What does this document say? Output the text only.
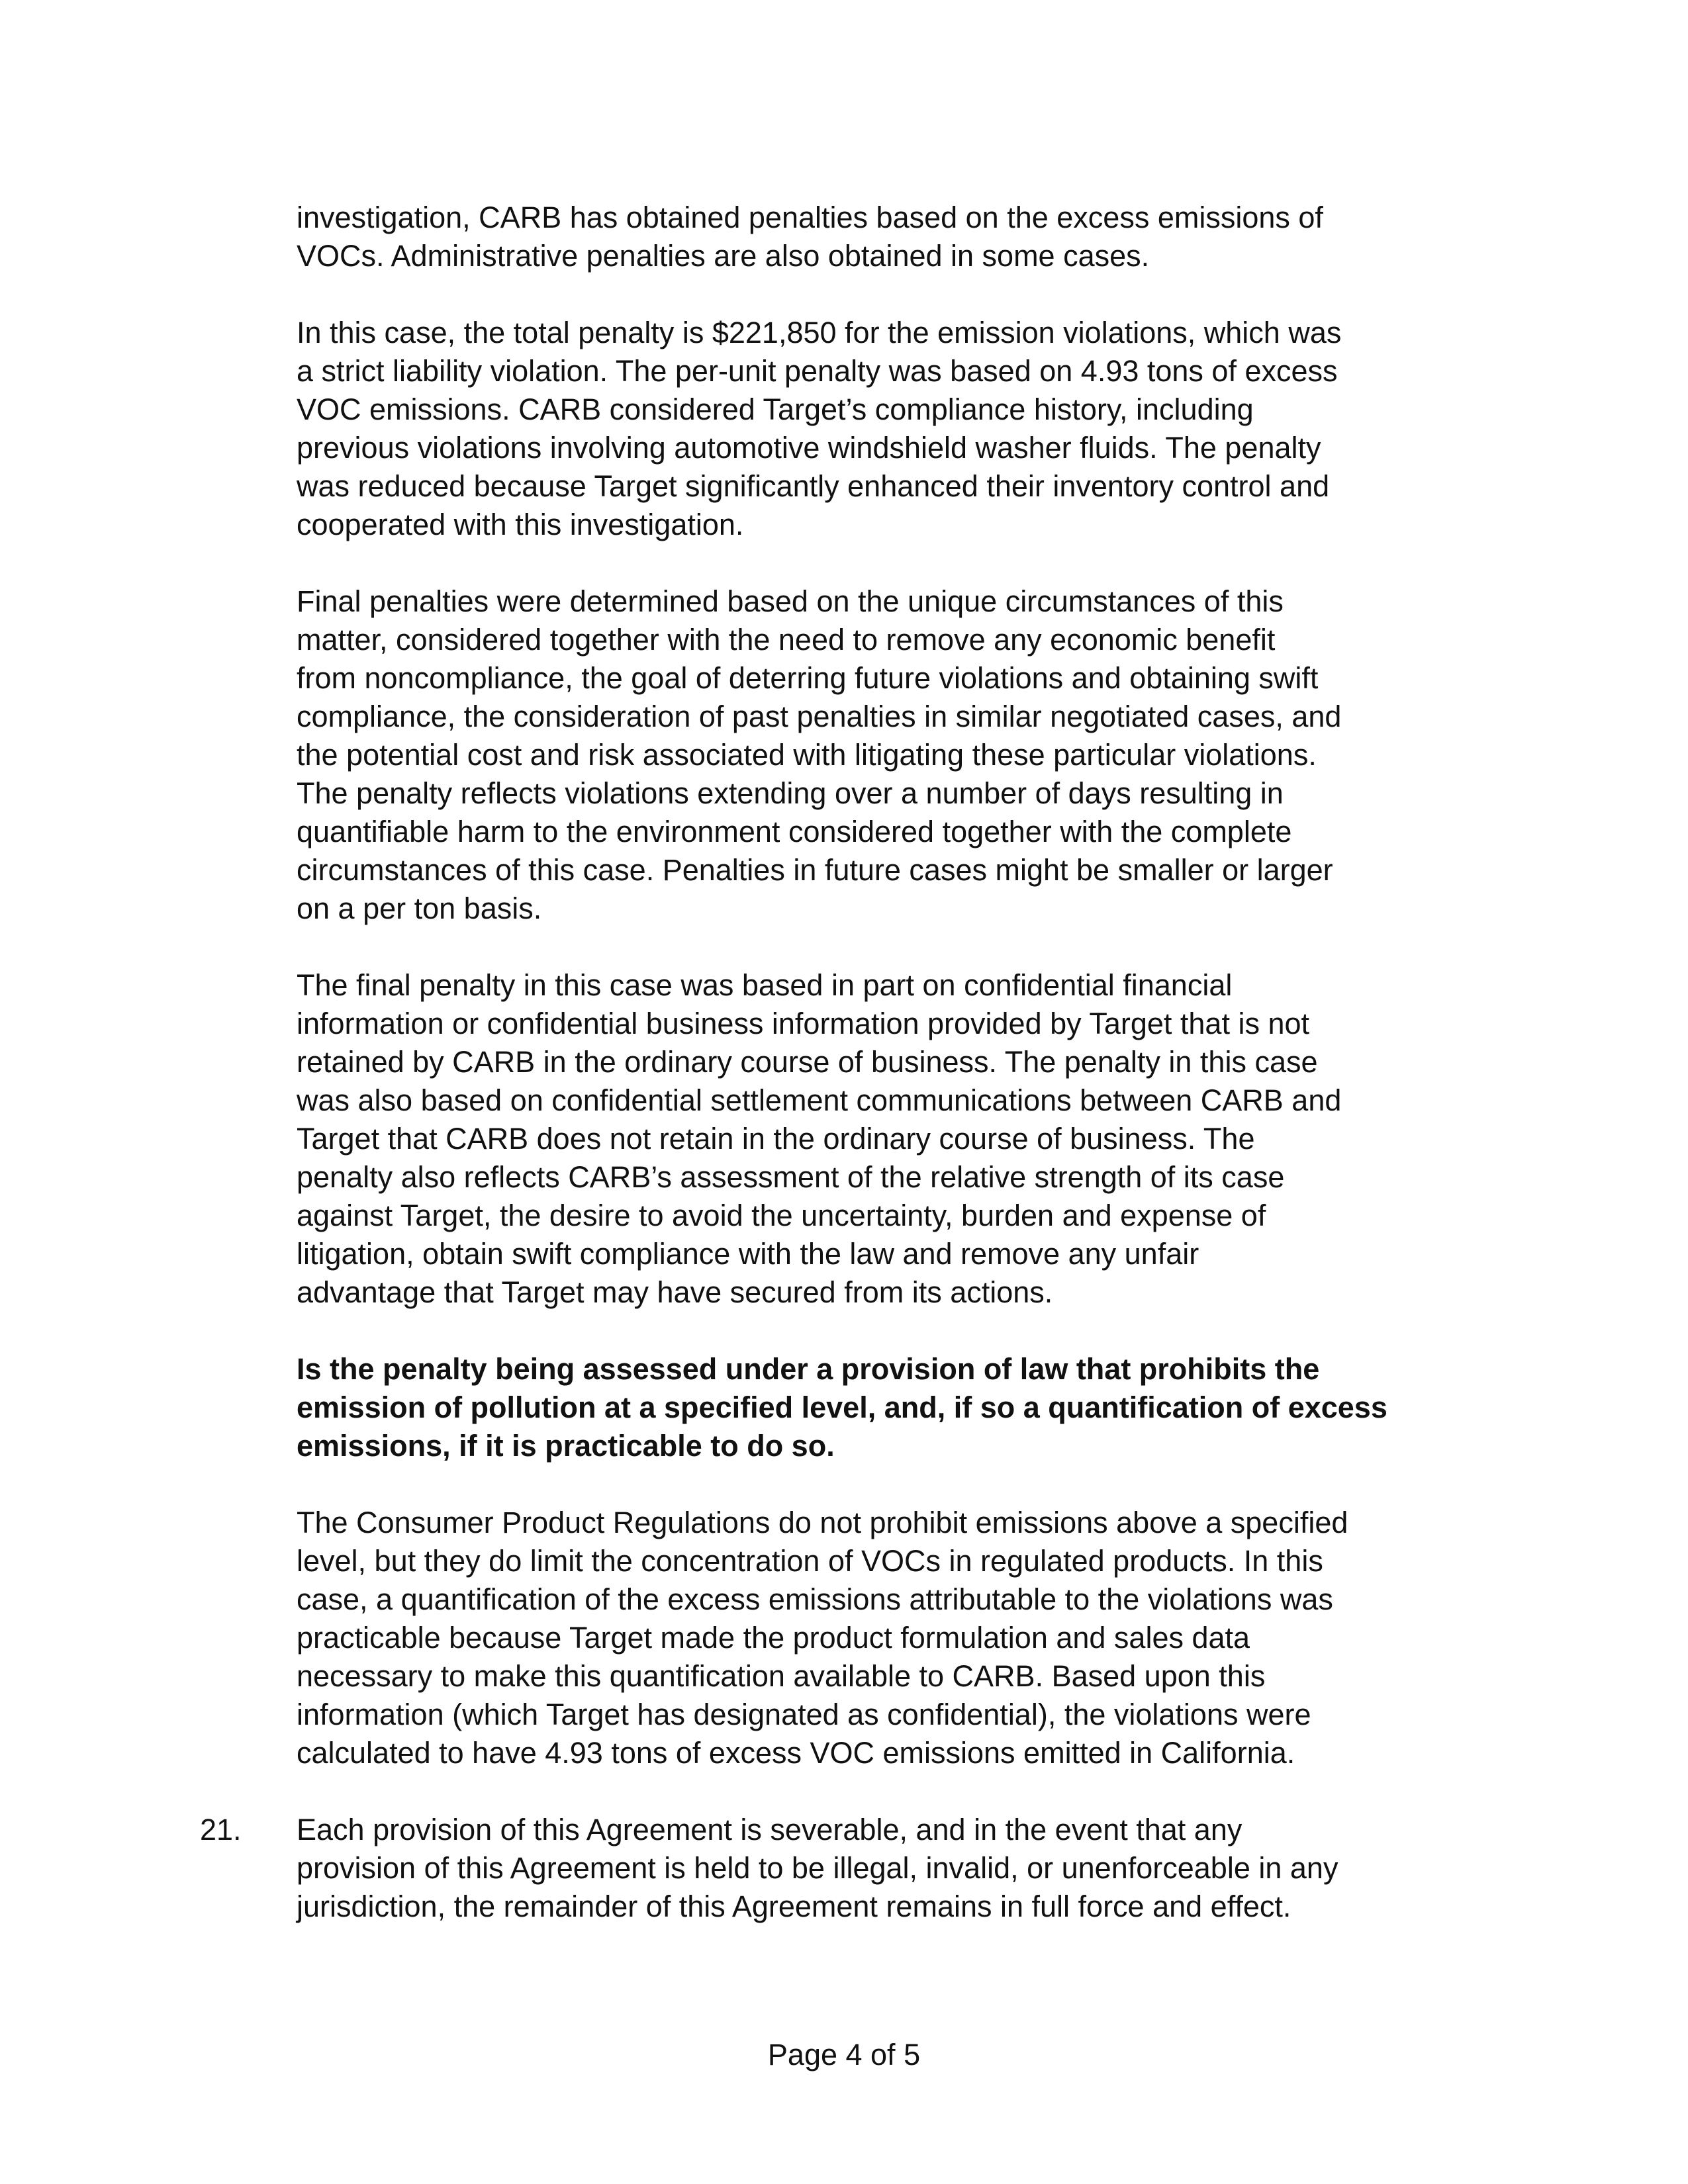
investigation, CARB has obtained penalties based on the excess emissions of
VOCs. Administrative penalties are also obtained in some cases.

In this case, the total penalty is $221,850 for the emission violations, which was
a strict liability violation. The per-unit penalty was based on 4.93 tons of excess
VOC emissions. CARB considered Target’s compliance history, including
previous violations involving automotive windshield washer fluids. The penalty
was reduced because Target significantly enhanced their inventory control and
cooperated with this investigation.

Final penalties were determined based on the unique circumstances of this
matter, considered together with the need to remove any economic benefit
from noncompliance, the goal of deterring future violations and obtaining swift
compliance, the consideration of past penalties in similar negotiated cases, and
the potential cost and risk associated with litigating these particular violations.
The penalty reflects violations extending over a number of days resulting in
quantifiable harm to the environment considered together with the complete
circumstances of this case. Penalties in future cases might be smaller or larger
on a per ton basis.

The final penalty in this case was based in part on confidential financial
information or confidential business information provided by Target that is not
retained by CARB in the ordinary course of business. The penalty in this case
was also based on confidential settlement communications between CARB and
Target that CARB does not retain in the ordinary course of business. The
penalty also reflects CARB’s assessment of the relative strength of its case
against Target, the desire to avoid the uncertainty, burden and expense of
litigation, obtain swift compliance with the law and remove any unfair
advantage that Target may have secured from its actions.

Is the penalty being assessed under a provision of law that prohibits the
emission of pollution at a specified level, and, if so a quantification of excess
emissions, if it is practicable to do so.

The Consumer Product Regulations do not prohibit emissions above a specified
level, but they do limit the concentration of VOCs in regulated products. In this
case, a quantification of the excess emissions attributable to the violations was
practicable because Target made the product formulation and sales data
necessary to make this quantification available to CARB. Based upon this
information (which Target has designated as confidential), the violations were
calculated to have 4.93 tons of excess VOC emissions emitted in California.

21. Each provision of this Agreement is severable, and in the event that any
provision of this Agreement is held to be illegal, invalid, or unenforceable in any
jurisdiction, the remainder of this Agreement remains in full force and effect.

Page 4 of 5
